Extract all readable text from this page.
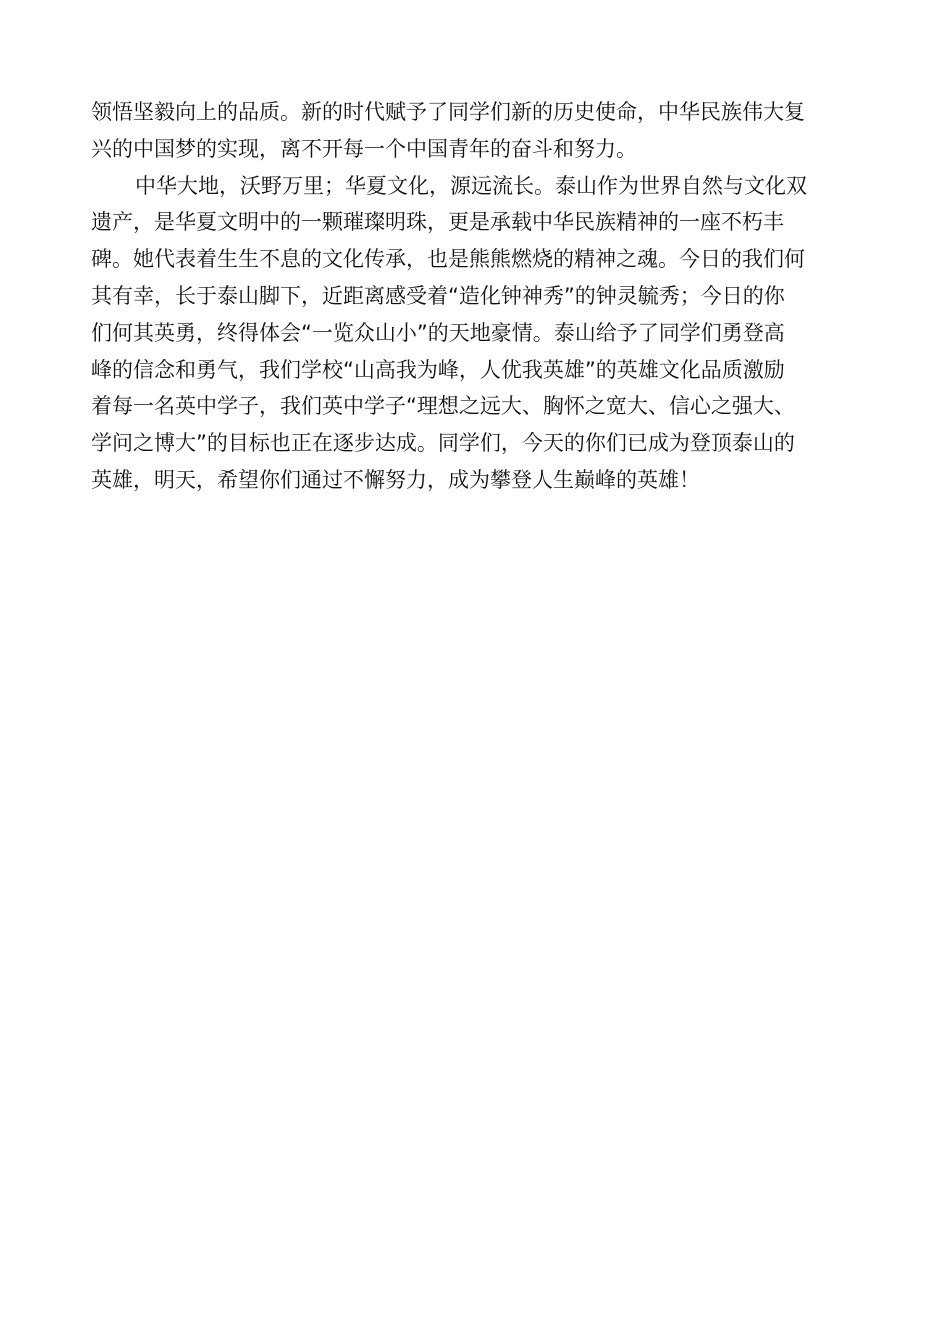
领悟坚毅向上的品质。新的时代赋予了同学们新的历史使命，中华民族伟大复
兴的中国梦的实现，离不开每一个中国青年的奋斗和努力。
中华大地，沃野万里；华夏文化，源远流长。泰山作为世界自然与文化双
遗产，是华夏文明中的一颗璀璨明珠，更是承载中华民族精神的一座不朽丰
碑。她代表着生生不息的文化传承，也是熊熊燃烧的精神之魂。今日的我们何
其有幸，长于泰山脚下，近距离感受着“造化钟神秀”的钟灵毓秀；今日的你
们何其英勇，终得体会“一览众山小”的天地豪情。泰山给予了同学们勇登高
峰的信念和勇气，我们学校“山高我为峰，人优我英雄”的英雄文化品质激励
着每一名英中学子，我们英中学子“理想之远大、胸怀之宽大、信心之强大、
学问之博大”的目标也正在逐步达成。同学们，今天的你们已成为登顶泰山的
英雄，明天，希望你们通过不懈努力，成为攀登人生巅峰的英雄！
